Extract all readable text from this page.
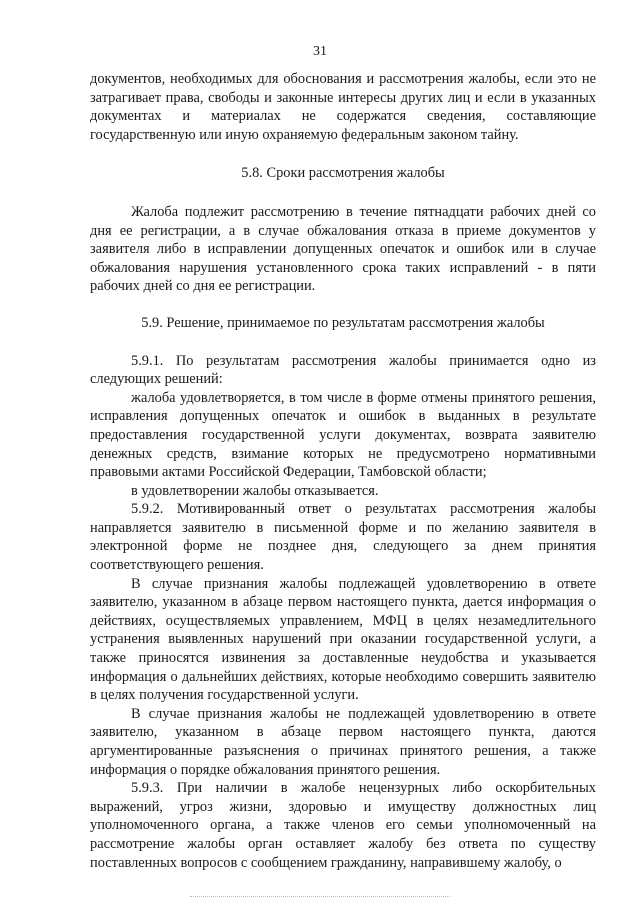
31

документов, необходимых для обоснования и рассмотрения жалобы, если это не затрагивает права, свободы и законные интересы других лиц и если в указанных документах и материалах не содержатся сведения, составляющие государственную или иную охраняемую федеральным законом тайну.

5.8. Сроки рассмотрения жалобы

Жалоба подлежит рассмотрению в течение пятнадцати рабочих дней со дня ее регистрации, а в случае обжалования отказа в приеме документов у заявителя либо в исправлении допущенных опечаток и ошибок или в случае обжалования нарушения установленного срока таких исправлений - в пяти рабочих дней со дня ее регистрации.

5.9. Решение, принимаемое по результатам рассмотрения жалобы

5.9.1. По результатам рассмотрения жалобы принимается одно из следующих решений:

жалоба удовлетворяется, в том числе в форме отмены принятого решения, исправления допущенных опечаток и ошибок в выданных в результате предоставления государственной услуги документах, возврата заявителю денежных средств, взимание которых не предусмотрено нормативными правовыми актами Российской Федерации, Тамбовской области;

в удовлетворении жалобы отказывается.

5.9.2. Мотивированный ответ о результатах рассмотрения жалобы направляется заявителю в письменной форме и по желанию заявителя в электронной форме не позднее дня, следующего за днем принятия соответствующего решения.

В случае признания жалобы подлежащей удовлетворению в ответе заявителю, указанном в абзаце первом настоящего пункта, дается информация о действиях, осуществляемых управлением, МФЦ в целях незамедлительного устранения выявленных нарушений при оказании государственной услуги, а также приносятся извинения за доставленные неудобства и указывается информация о дальнейших действиях, которые необходимо совершить заявителю в целях получения государственной услуги.

В случае признания жалобы не подлежащей удовлетворению в ответе заявителю, указанном в абзаце первом настоящего пункта, даются аргументированные разъяснения о причинах принятого решения, а также информация о порядке обжалования принятого решения.

5.9.3. При наличии в жалобе нецензурных либо оскорбительных выражений, угроз жизни, здоровью и имуществу должностных лиц уполномоченного органа, а также членов его семьи уполномоченный на рассмотрение жалобы орган оставляет жалобу без ответа по существу поставленных вопросов с сообщением гражданину, направившему жалобу, о
